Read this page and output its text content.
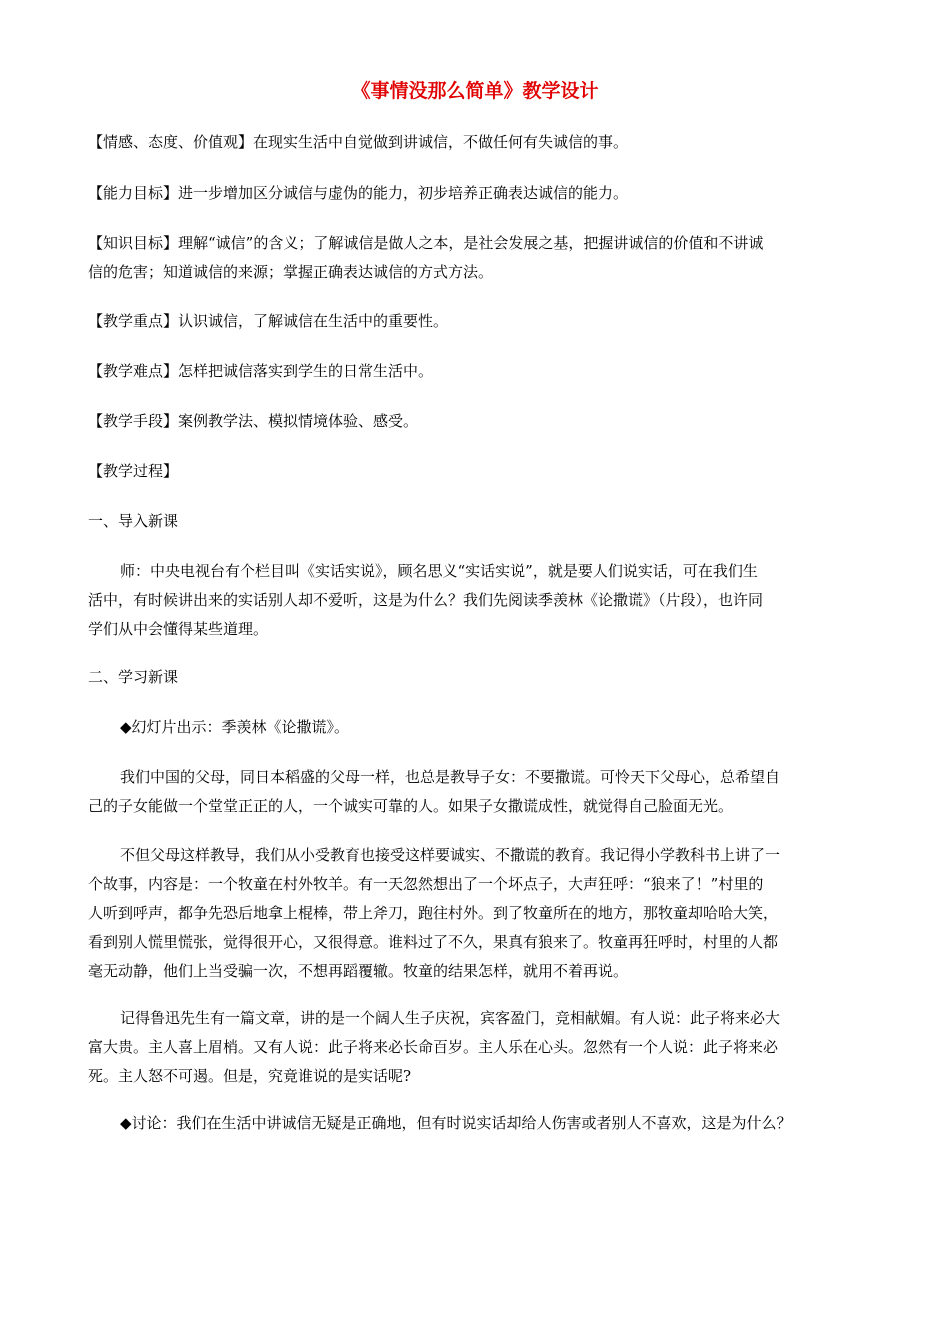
《事情没那么简单》教学设计
【情感、态度、价值观】在现实生活中自觉做到讲诚信，不做任何有失诚信的事。
【能力目标】进一步增加区分诚信与虚伪的能力，初步培养正确表达诚信的能力。
【知识目标】理解“诚信”的含义；了解诚信是做人之本，是社会发展之基，把握讲诚信的价值和不讲诚
信的危害；知道诚信的来源；掌握正确表达诚信的方式方法。
【教学重点】认识诚信，了解诚信在生活中的重要性。
【教学难点】怎样把诚信落实到学生的日常生活中。
【教学手段】案例教学法、模拟情境体验、感受。
【教学过程】
一、导入新课
师：中央电视台有个栏目叫《实话实说》，顾名思义“实话实说”，就是要人们说实话，可在我们生
活中，有时候讲出来的实话别人却不爱听，这是为什么？我们先阅读季羡林《论撒谎》（片段），也许同
学们从中会懂得某些道理。
二、学习新课
◆幻灯片出示：季羡林《论撒谎》。
我们中国的父母，同日本稻盛的父母一样，也总是教导子女：不要撒谎。可怜天下父母心，总希望自
己的子女能做一个堂堂正正的人，一个诚实可靠的人。如果子女撒谎成性，就觉得自己脸面无光。
不但父母这样教导，我们从小受教育也接受这样要诚实、不撒谎的教育。我记得小学教科书上讲了一
个故事，内容是：一个牧童在村外牧羊。有一天忽然想出了一个坏点子，大声狂呼：“狼来了！”村里的
人听到呼声，都争先恐后地拿上棍棒，带上斧刀，跑往村外。到了牧童所在的地方，那牧童却哈哈大笑，
看到别人慌里慌张，觉得很开心，又很得意。谁料过了不久，果真有狼来了。牧童再狂呼时，村里的人都
毫无动静，他们上当受骗一次，不想再蹈覆辙。牧童的结果怎样，就用不着再说。
记得鲁迅先生有一篇文章，讲的是一个阔人生子庆祝，宾客盈门，竞相献媚。有人说：此子将来必大
富大贵。主人喜上眉梢。又有人说：此子将来必长命百岁。主人乐在心头。忽然有一个人说：此子将来必
死。主人怒不可遏。但是，究竟谁说的是实话呢?
◆讨论：我们在生活中讲诚信无疑是正确地，但有时说实话却给人伤害或者别人不喜欢，这是为什么？
